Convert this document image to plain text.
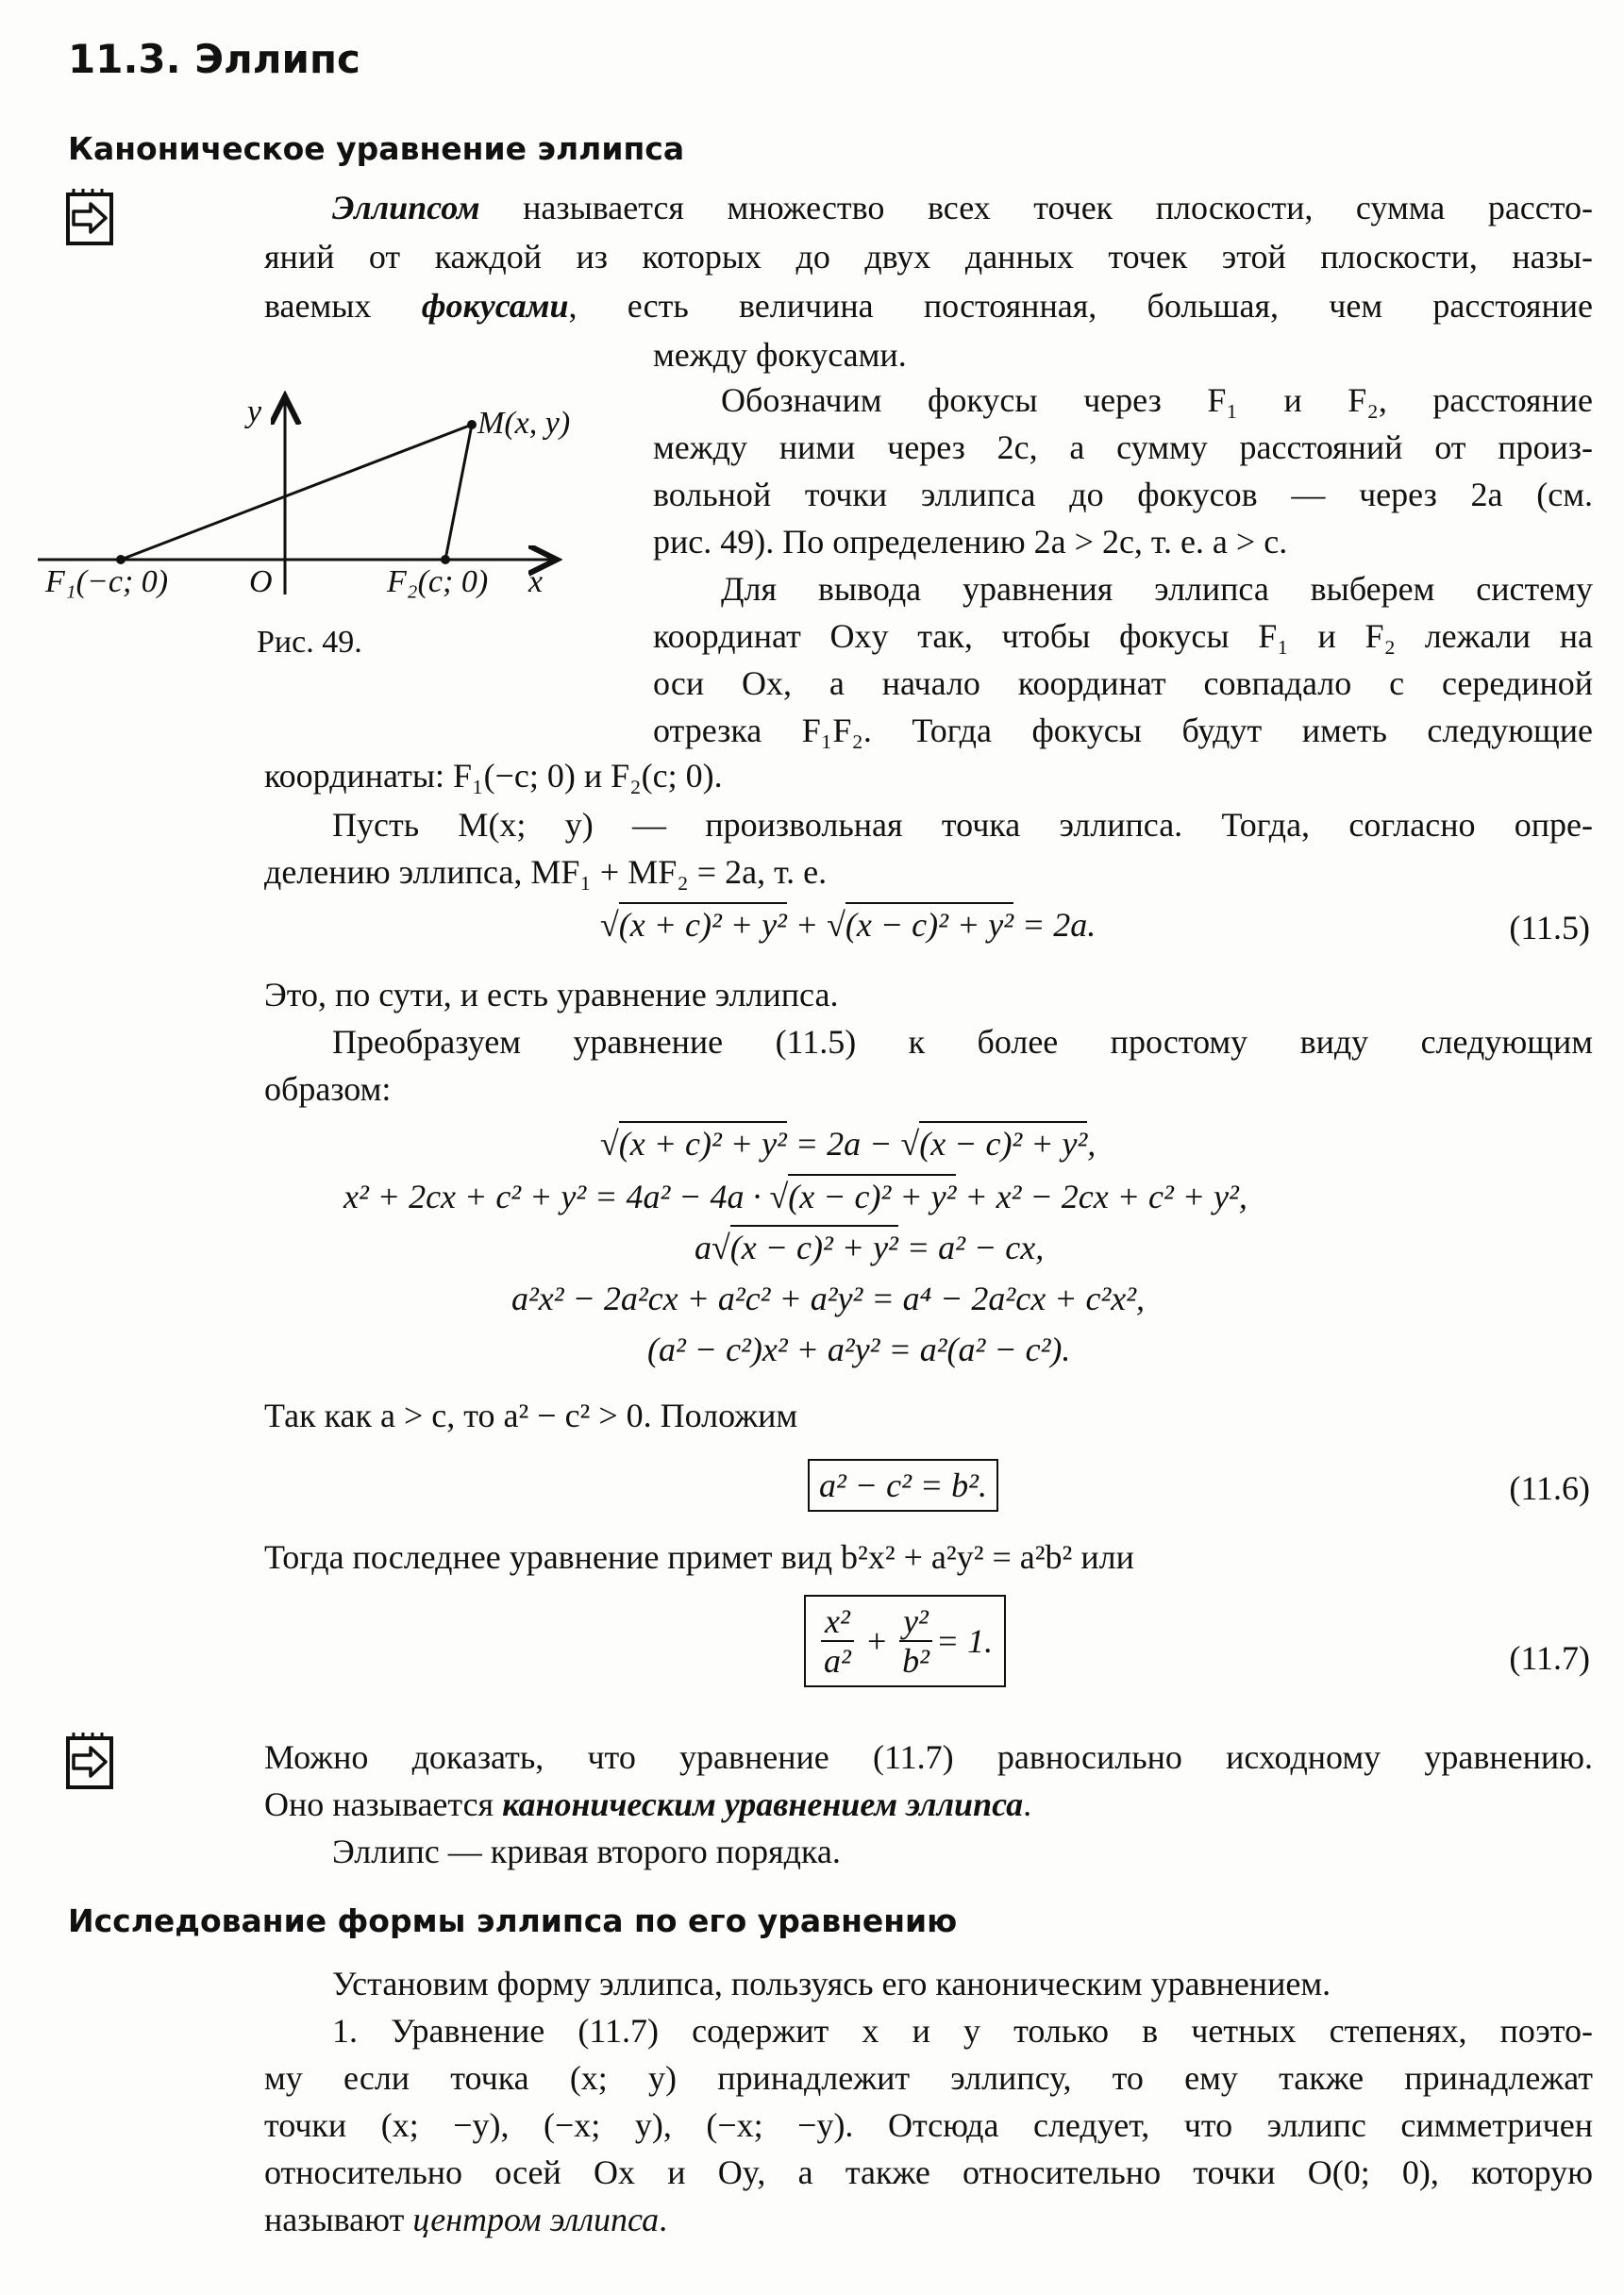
11.3. Эллипс
Каноническое уравнение эллипса
Эллипсом называется множество всех точек плоскости, сумма рассто-
яний от каждой из которых до двух данных точек этой плоскости, назы-
ваемых фокусами, есть величина постоянная, большая, чем расстояние
между фокусами.
y	M(x, y)
F₁(−c; 0)	O	F₂(c; 0) x
Рис. 49.
Обозначим фокусы через F₁ и F₂, расстояние
между ними через 2c, а сумму расстояний от произ-
вольной точки эллипса до фокусов — через 2a (см.
рис. 49). По определению 2a > 2c, т. е. a > c.
Для вывода уравнения эллипса выберем систему
координат Oxy так, чтобы фокусы F₁ и F₂ лежали на
оси Ox, а начало координат совпадало с серединой
отрезка F₁F₂. Тогда фокусы будут иметь следующие
координаты: F₁(−c; 0) и F₂(c; 0).
Пусть M(x; y) — произвольная точка эллипса. Тогда, согласно опре-
делению эллипса, MF₁ + MF₂ = 2a, т. е.
√(x + c)² + y² + √(x − c)² + y² = 2a.	(11.5)
Это, по сути, и есть уравнение эллипса.
Преобразуем уравнение (11.5) к более простому виду следующим
образом:
√(x + c)² + y² = 2a − √(x − c)² + y²,
x² + 2cx + c² + y² = 4a² − 4a · √(x − c)² + y² + x² − 2cx + c² + y²,
a√(x − c)² + y² = a² − cx,
a²x² − 2a²cx + a²c² + a²y² = a⁴ − 2a²cx + c²x²,
(a² − c²)x² + a²y² = a²(a² − c²).
Так как a > c, то a² − c² > 0. Положим
a² − c² = b².	(11.6)
Тогда последнее уравнение примет вид b²x² + a²y² = a²b² или
$\frac{\text{x²}}{\text{a²}} + \frac{\text{y²}}{\text{b²}} = 1$.	(11.7)
Можно доказать, что уравнение (11.7) равносильно исходному уравнению.
Оно называется каноническим уравнением эллипса.
Эллипс — кривая второго порядка.
Исследование формы эллипса по его уравнению
Установим форму эллипса, пользуясь его каноническим уравнением.
1. Уравнение (11.7) содержит x и y только в четных степенях, поэто-
му если точка (x; y) принадлежит эллипсу, то ему также принадлежат
точки (x; −y), (−x; y), (−x; −y). Отсюда следует, что эллипс симметричен
относительно осей Ox и Oy, а также относительно точки O(0; 0), которую
называют центром эллипса.
